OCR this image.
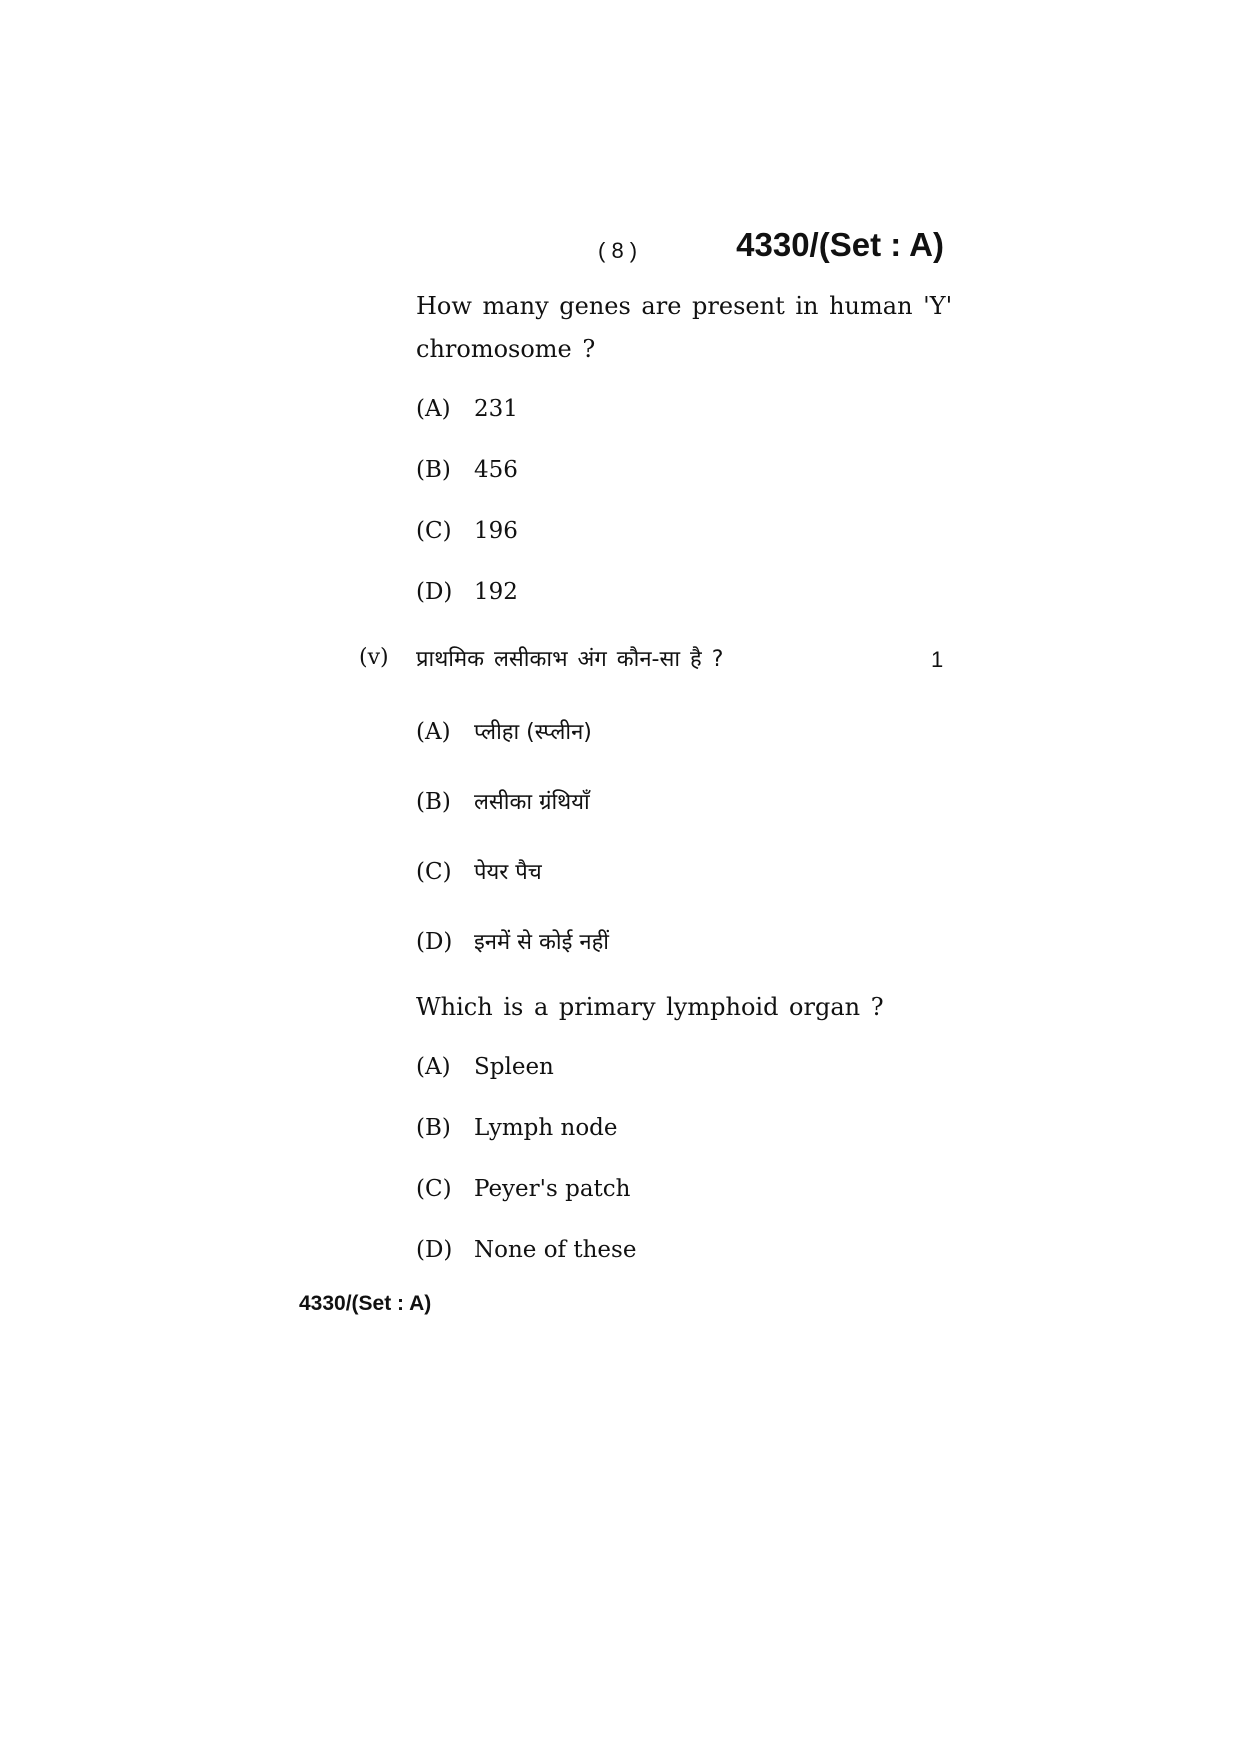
( 8 )	4330/(Set : A)
How many genes are present in human 'Y'
chromosome ?
(A) 231
(B) 456
(C) 196
(D) 192
(v) प्राथमिक लसीकाभ अंग कौन-सा है ?	1
(A) प्लीहा (स्प्लीन)
(B) लसीका ग्रंथियाँ
(C) पेयर पैच
(D) इनमें से कोई नहीं
Which is a primary lymphoid organ ?
(A) Spleen
(B) Lymph node
(C) Peyer's patch
(D) None of these
4330/(Set : A)
